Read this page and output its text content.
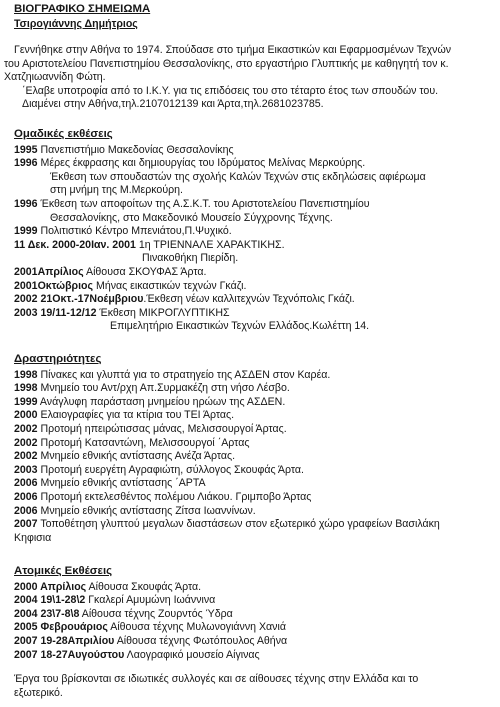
ΒΙΟΓΡΑΦΙΚΟ ΣΗΜΕΙΩΜΑ
Τσιρογιάννης Δημήτριος
Γεννήθηκε στην Αθήνα το 1974. Σπούδασε στο τμήμα Εικαστικών και Εφαρμοσμένων Τεχνών
του Αριστοτελείου Πανεπιστημίου Θεσσαλονίκης, στο εργαστήριο Γλυπτικής με καθηγητή τον κ.
Χατζηιωαννίδη Φώτη.
΄Ελαβε υποτροφία από το Ι.Κ.Υ. για τις επιδόσεις του στο τέταρτο έτος των σπουδών του.
Διαμένει στην Αθήνα,τηλ.2107012139 και Άρτα,τηλ.2681023785.
Ομαδικές εκθέσεις
1995 Πανεπιστήμιο Μακεδονίας Θεσσαλονίκης
1996 Μέρες έκφρασης και δημιουργίας του Ιδρύματος Μελίνας Μερκούρης.
Έκθεση των σπουδαστών της σχολής Καλών Τεχνών στις εκδηλώσεις αφιέρωμα
στη μνήμη της Μ.Μερκούρη.
1996 Έκθεση των αποφοίτων της Α.Σ.Κ.Τ. του Αριστοτελείου Πανεπιστημίου
Θεσσαλονίκης, στο Μακεδονικό Μουσείο Σύγχρονης Τέχνης.
1999 Πολιτιστικό Κέντρο Μπενιάτου,Π.Ψυχικό.
11 Δεκ. 2000-20Ιαν. 2001 1η ΤΡΙΕΝΝΑΛΕ ΧΑΡΑΚΤΙΚΗΣ.
Πινακοθήκη Πιερίδη.
2001Απρίλιος Αίθουσα ΣΚΟΥΦΑΣ Άρτα.
2001Οκτώβριος Μήνας εικαστικών τεχνών Γκάζι.
2002 21Οκτ.-17Νοέμβριου.Έκθεση νέων καλλιτεχνών Τεχνόπολις Γκάζι.
2003 19/11-12/12 Έκθεση ΜΙΚΡΟΓΛΥΠΤΙΚΗΣ
Επιμελητήριο Εικαστικών Τεχνών Ελλάδος.Κωλέττη 14.
Δραστηριότητες
1998 Πίνακες και γλυπτά για το στρατηγείο της ΑΣΔΕΝ στον Καρέα.
1998 Μνημείο του Αντ/ρχη Απ.Συρμακέζη στη νήσο Λέσβο.
1999 Ανάγλυφη παράσταση μνημείου ηρώων της ΑΣΔΕΝ.
2000 Ελαιογραφίες για τα κτίρια του ΤΕΙ Άρτας.
2002 Προτομή ηπειρώτισσας μάνας, Μελισσουργοί Άρτας.
2002 Προτομή Κατσαντώνη, Μελισσουργοί ΄Αρτας
2002 Μνημείο εθνικής αντίστασης Ανέζα Άρτας.
2003 Προτομή ευεργέτη Αγραφιώτη, σύλλογος Σκουφάς Άρτα.
2006 Μνημείο εθνικής αντίστασης ΄ΑΡΤΑ
2006 Προτομή εκτελεσθέντος πολέμου Λιάκου. Γριμποβο Άρτας
2006 Μνημείο εθνικής αντίστασης Ζίτσα Ιωαννίνων.
2007 Τοποθέτηση γλυπτού μεγαλων διαστάσεων στον εξωτερικό χώρο γραφείων Βασιλάκη
Κηφισια
Ατομικές Εκθέσεις
2000 Απρίλιος Αίθουσα Σκουφάς Άρτα.
2004 19\1-28\2 Γκαλερί Αμυμώνη Ιωάννινα
2004 23\7-8\8 Αίθουσα τέχνης Ζουρντός Ύδρα
2005 Φεβρουάριος Αίθουσα τέχνης Μυλωνογιάννη Χανιά
2007 19-28Απριλίου Αίθουσα τέχνης Φωτόπουλος Αθήνα
2007 18-27Αυγούστου Λαογραφικό μουσείο Αίγινας
Έργα του βρίσκονται σε ιδιωτικές συλλογές και σε αίθουσες τέχνης στην Ελλάδα και το
εξωτερικό.
